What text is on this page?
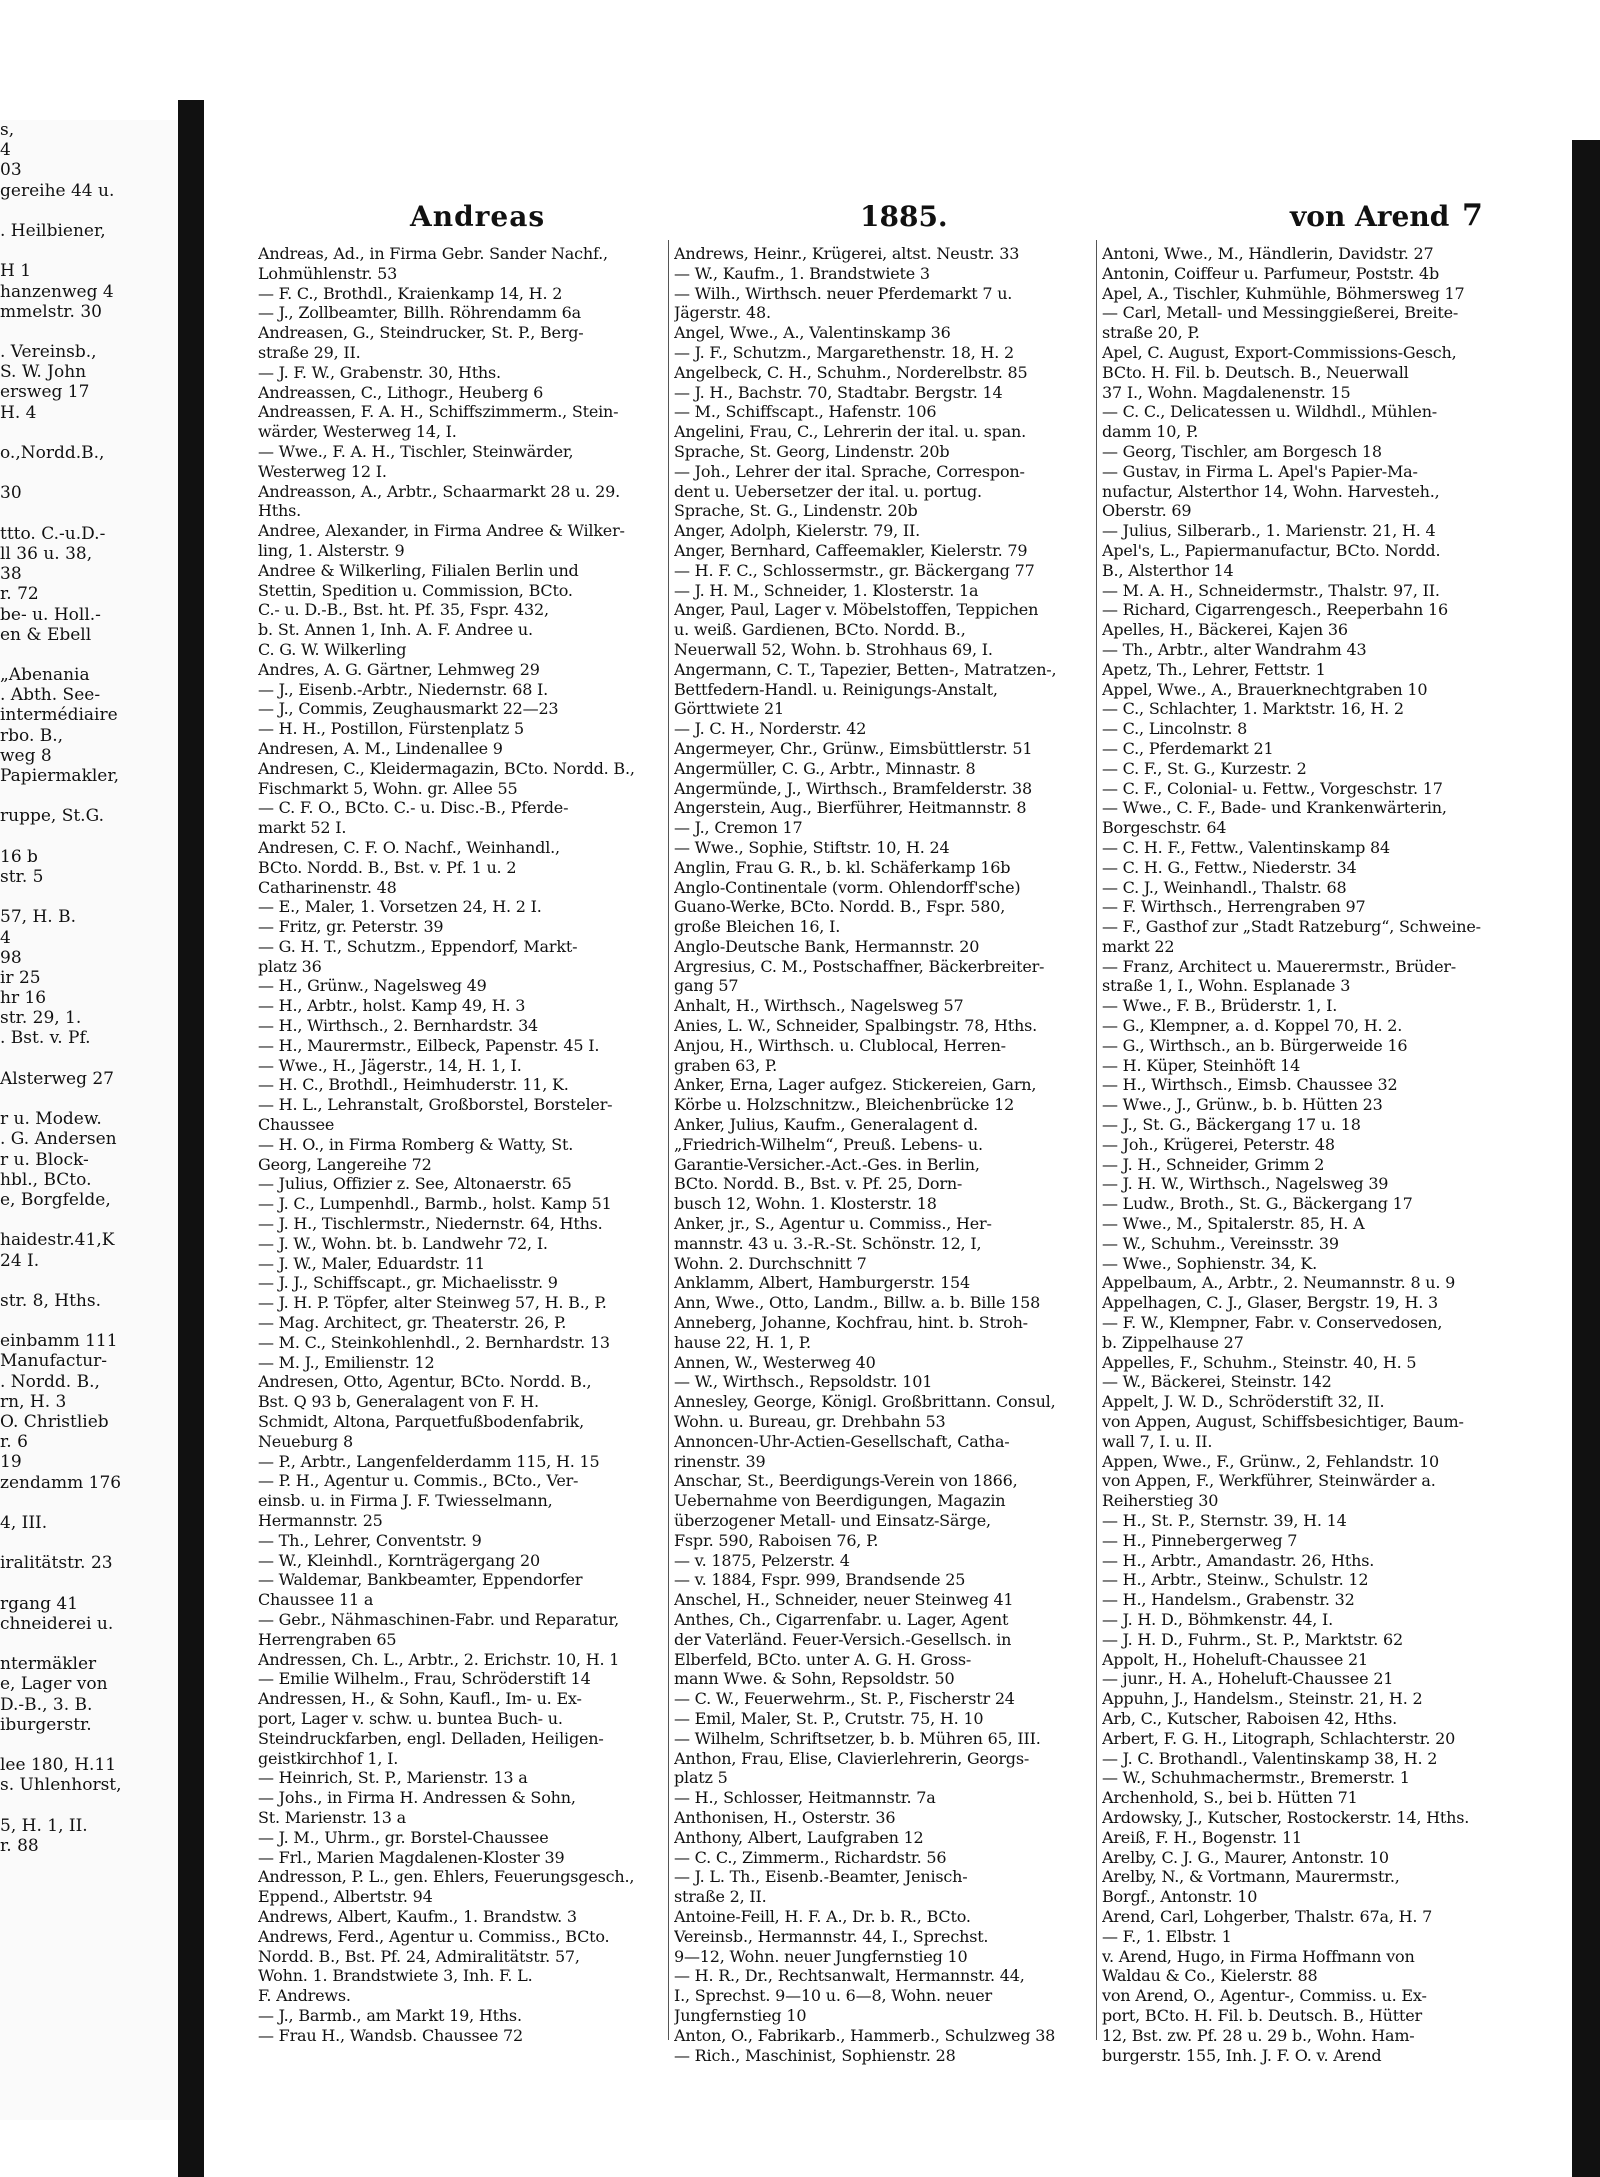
s,
4
03
gereihe 44 u.
. Heilbiener,
H 1
hanzenweg 4
mmelstr. 30
. Vereinsb.,
S. W. John
ersweg 17
H. 4
o.,Nordd.B.,
30
ttto. C.-u.D.-
ll 36 u. 38,
38
r. 72
be- u. Holl.-
en & Ebell
„Abenania
. Abth. See-
intermédiaire
rbo. B.,
weg 8
Papiermakler,
ruppe, St.G.
16 b
str. 5
57, H. B.
4
98
ir 25
hr 16
str. 29, 1.
. Bst. v. Pf.
Alsterweg 27
r u. Modew.
. G. Andersen
r u. Block-
hbl., BCto.
e, Borgfelde,
haidestr.41,K
24 I.
str. 8, Hths.
einbamm 111
Manufactur-
. Nordd. B.,
rn, H. 3
O. Christlieb
r. 6
19
zendamm 176
4, III.
iralitätstr. 23
rgang 41
chneiderei u.
ntermäkler
e, Lager von
D.-B., 3. B.
iburgerstr.
lee 180, H.11
s. Uhlenhorst,
5, H. 1, II.
r. 88
Andreas	1885.	von Arend 7
Andreas, Ad., in Firma Gebr. Sander Nachf.,
Lohmühlenstr. 53
— F. C., Brothdl., Kraienkamp 14, H. 2
— J., Zollbeamter, Billh. Röhrendamm 6a
Andreasen, G., Steindrucker, St. P., Berg-
straße 29, II.
— J. F. W., Grabenstr. 30, Hths.
Andreassen, C., Lithogr., Heuberg 6
Andreassen, F. A. H., Schiffszimmerm., Stein-
wärder, Westerweg 14, I.
— Wwe., F. A. H., Tischler, Steinwärder,
Westerweg 12 I.
Andreasson, A., Arbtr., Schaarmarkt 28 u. 29.
Hths.
Andree, Alexander, in Firma Andree & Wilker-
ling, 1. Alsterstr. 9
Andree & Wilkerling, Filialen Berlin und
Stettin, Spedition u. Commission, BCto.
C.- u. D.-B., Bst. ht. Pf. 35, Fspr. 432,
b. St. Annen 1, Inh. A. F. Andree u.
C. G. W. Wilkerling
Andres, A. G. Gärtner, Lehmweg 29
— J., Eisenb.-Arbtr., Niedernstr. 68 I.
— J., Commis, Zeughausmarkt 22—23
— H. H., Postillon, Fürstenplatz 5
Andresen, A. M., Lindenallee 9
Andresen, C., Kleidermagazin, BCto. Nordd. B.,
Fischmarkt 5, Wohn. gr. Allee 55
— C. F. O., BCto. C.- u. Disc.-B., Pferde-
markt 52 I.
Andresen, C. F. O. Nachf., Weinhandl.,
BCto. Nordd. B., Bst. v. Pf. 1 u. 2
Catharinenstr. 48
— E., Maler, 1. Vorsetzen 24, H. 2 I.
— Fritz, gr. Peterstr. 39
— G. H. T., Schutzm., Eppendorf, Markt-
platz 36
— H., Grünw., Nagelsweg 49
— H., Arbtr., holst. Kamp 49, H. 3
— H., Wirthsch., 2. Bernhardstr. 34
— H., Maurermstr., Eilbeck, Papenstr. 45 I.
— Wwe., H., Jägerstr., 14, H. 1, I.
— H. C., Brothdl., Heimhuderstr. 11, K.
— H. L., Lehranstalt, Großborstel, Borsteler-
Chaussee
— H. O., in Firma Romberg & Watty, St.
Georg, Langereihe 72
— Julius, Offizier z. See, Altonaerstr. 65
— J. C., Lumpenhdl., Barmb., holst. Kamp 51
— J. H., Tischlermstr., Niedernstr. 64, Hths.
— J. W., Wohn. bt. b. Landwehr 72, I.
— J. W., Maler, Eduardstr. 11
— J. J., Schiffscapt., gr. Michaelisstr. 9
— J. H. P. Töpfer, alter Steinweg 57, H. B., P.
— Mag. Architect, gr. Theaterstr. 26, P.
— M. C., Steinkohlenhdl., 2. Bernhardstr. 13
— M. J., Emilienstr. 12
Andresen, Otto, Agentur, BCto. Nordd. B.,
Bst. Q 93 b, Generalagent von F. H.
Schmidt, Altona, Parquetfußbodenfabrik,
Neueburg 8
— P., Arbtr., Langenfelderdamm 115, H. 15
— P. H., Agentur u. Commis., BCto., Ver-
einsb. u. in Firma J. F. Twiesselmann,
Hermannstr. 25
— Th., Lehrer, Conventstr. 9
— W., Kleinhdl., Kornträgergang 20
— Waldemar, Bankbeamter, Eppendorfer
Chaussee 11 a
— Gebr., Nähmaschinen-Fabr. und Reparatur,
Herrengraben 65
Andressen, Ch. L., Arbtr., 2. Erichstr. 10, H. 1
— Emilie Wilhelm., Frau, Schröderstift 14
Andressen, H., & Sohn, Kaufl., Im- u. Ex-
port, Lager v. schw. u. buntea Buch- u.
Steindruckfarben, engl. Delladen, Heiligen-
geistkirchhof 1, I.
— Heinrich, St. P., Marienstr. 13 a
— Johs., in Firma H. Andressen & Sohn,
St. Marienstr. 13 a
— J. M., Uhrm., gr. Borstel-Chaussee
— Frl., Marien Magdalenen-Kloster 39
Andresson, P. L., gen. Ehlers, Feuerungsgesch.,
Eppend., Albertstr. 94
Andrews, Albert, Kaufm., 1. Brandstw. 3
Andrews, Ferd., Agentur u. Commiss., BCto.
Nordd. B., Bst. Pf. 24, Admiralitätstr. 57,
Wohn. 1. Brandstwiete 3, Inh. F. L.
F. Andrews.
— J., Barmb., am Markt 19, Hths.
— Frau H., Wandsb. Chaussee 72
Andrews, Heinr., Krügerei, altst. Neustr. 33
— W., Kaufm., 1. Brandstwiete 3
— Wilh., Wirthsch. neuer Pferdemarkt 7 u.
Jägerstr. 48.
Angel, Wwe., A., Valentinskamp 36
— J. F., Schutzm., Margarethenstr. 18, H. 2
Angelbeck, C. H., Schuhm., Norderelbstr. 85
— J. H., Bachstr. 70, Stadtabr. Bergstr. 14
— M., Schiffscapt., Hafenstr. 106
Angelini, Frau, C., Lehrerin der ital. u. span.
Sprache, St. Georg, Lindenstr. 20b
— Joh., Lehrer der ital. Sprache, Correspon-
dent u. Uebersetzer der ital. u. portug.
Sprache, St. G., Lindenstr. 20b
Anger, Adolph, Kielerstr. 79, II.
Anger, Bernhard, Caffeemakler, Kielerstr. 79
— H. F. C., Schlossermstr., gr. Bäckergang 77
— J. H. M., Schneider, 1. Klosterstr. 1a
Anger, Paul, Lager v. Möbelstoffen, Teppichen
u. weiß. Gardienen, BCto. Nordd. B.,
Neuerwall 52, Wohn. b. Strohhaus 69, I.
Angermann, C. T., Tapezier, Betten-, Matratzen-,
Bettfedern-Handl. u. Reinigungs-Anstalt,
Görttwiete 21
— J. C. H., Norderstr. 42
Angermeyer, Chr., Grünw., Eimsbüttlerstr. 51
Angermüller, C. G., Arbtr., Minnastr. 8
Angermünde, J., Wirthsch., Bramfelderstr. 38
Angerstein, Aug., Bierführer, Heitmannstr. 8
— J., Cremon 17
— Wwe., Sophie, Stiftstr. 10, H. 24
Anglin, Frau G. R., b. kl. Schäferkamp 16b
Anglo-Continentale (vorm. Ohlendorff'sche)
Guano-Werke, BCto. Nordd. B., Fspr. 580,
große Bleichen 16, I.
Anglo-Deutsche Bank, Hermannstr. 20
Argresius, C. M., Postschaffner, Bäckerbreiter-
gang 57
Anhalt, H., Wirthsch., Nagelsweg 57
Anies, L. W., Schneider, Spalbingstr. 78, Hths.
Anjou, H., Wirthsch. u. Clublocal, Herren-
graben 63, P.
Anker, Erna, Lager aufgez. Stickereien, Garn,
Körbe u. Holzschnitzw., Bleichenbrücke 12
Anker, Julius, Kaufm., Generalagent d.
„Friedrich-Wilhelm“, Preuß. Lebens- u.
Garantie-Versicher.-Act.-Ges. in Berlin,
BCto. Nordd. B., Bst. v. Pf. 25, Dorn-
busch 12, Wohn. 1. Klosterstr. 18
Anker, jr., S., Agentur u. Commiss., Her-
mannstr. 43 u. 3.-R.-St. Schönstr. 12, I,
Wohn. 2. Durchschnitt 7
Anklamm, Albert, Hamburgerstr. 154
Ann, Wwe., Otto, Landm., Billw. a. b. Bille 158
Anneberg, Johanne, Kochfrau, hint. b. Stroh-
hause 22, H. 1, P.
Annen, W., Westerweg 40
— W., Wirthsch., Repsoldstr. 101
Annesley, George, Königl. Großbrittann. Consul,
Wohn. u. Bureau, gr. Drehbahn 53
Annoncen-Uhr-Actien-Gesellschaft, Catha-
rinenstr. 39
Anschar, St., Beerdigungs-Verein von 1866,
Uebernahme von Beerdigungen, Magazin
überzogener Metall- und Einsatz-Särge,
Fspr. 590, Raboisen 76, P.
— v. 1875, Pelzerstr. 4
— v. 1884, Fspr. 999, Brandsende 25
Anschel, H., Schneider, neuer Steinweg 41
Anthes, Ch., Cigarrenfabr. u. Lager, Agent
der Vaterländ. Feuer-Versich.-Gesellsch. in
Elberfeld, BCto. unter A. G. H. Gross-
mann Wwe. & Sohn, Repsoldstr. 50
— C. W., Feuerwehrm., St. P., Fischerstr 24
— Emil, Maler, St. P., Crutstr. 75, H. 10
— Wilhelm, Schriftsetzer, b. b. Mühren 65, III.
Anthon, Frau, Elise, Clavierlehrerin, Georgs-
platz 5
— H., Schlosser, Heitmannstr. 7a
Anthonisen, H., Osterstr. 36
Anthony, Albert, Laufgraben 12
— C. C., Zimmerm., Richardstr. 56
— J. L. Th., Eisenb.-Beamter, Jenisch-
straße 2, II.
Antoine-Feill, H. F. A., Dr. b. R., BCto.
Vereinsb., Hermannstr. 44, I., Sprechst.
9—12, Wohn. neuer Jungfernstieg 10
— H. R., Dr., Rechtsanwalt, Hermannstr. 44,
I., Sprechst. 9—10 u. 6—8, Wohn. neuer
Jungfernstieg 10
Anton, O., Fabrikarb., Hammerb., Schulzweg 38
— Rich., Maschinist, Sophienstr. 28
Antoni, Wwe., M., Händlerin, Davidstr. 27
Antonin, Coiffeur u. Parfumeur, Poststr. 4b
Apel, A., Tischler, Kuhmühle, Böhmersweg 17
— Carl, Metall- und Messinggießerei, Breite-
straße 20, P.
Apel, C. August, Export-Commissions-Gesch,
BCto. H. Fil. b. Deutsch. B., Neuerwall
37 I., Wohn. Magdalenenstr. 15
— C. C., Delicatessen u. Wildhdl., Mühlen-
damm 10, P.
— Georg, Tischler, am Borgesch 18
— Gustav, in Firma L. Apel's Papier-Ma-
nufactur, Alsterthor 14, Wohn. Harvesteh.,
Oberstr. 69
— Julius, Silberarb., 1. Marienstr. 21, H. 4
Apel's, L., Papiermanufactur, BCto. Nordd.
B., Alsterthor 14
— M. A. H., Schneidermstr., Thalstr. 97, II.
— Richard, Cigarrengesch., Reeperbahn 16
Apelles, H., Bäckerei, Kajen 36
— Th., Arbtr., alter Wandrahm 43
Apetz, Th., Lehrer, Fettstr. 1
Appel, Wwe., A., Brauerknechtgraben 10
— C., Schlachter, 1. Marktstr. 16, H. 2
— C., Lincolnstr. 8
— C., Pferdemarkt 21
— C. F., St. G., Kurzestr. 2
— C. F., Colonial- u. Fettw., Vorgeschstr. 17
— Wwe., C. F., Bade- und Krankenwärterin,
Borgeschstr. 64
— C. H. F., Fettw., Valentinskamp 84
— C. H. G., Fettw., Niederstr. 34
— C. J., Weinhandl., Thalstr. 68
— F. Wirthsch., Herrengraben 97
— F., Gasthof zur „Stadt Ratzeburg“, Schweine-
markt 22
— Franz, Architect u. Mauerermstr., Brüder-
straße 1, I., Wohn. Esplanade 3
— Wwe., F. B., Brüderstr. 1, I.
— G., Klempner, a. d. Koppel 70, H. 2.
— G., Wirthsch., an b. Bürgerweide 16
— H. Küper, Steinhöft 14
— H., Wirthsch., Eimsb. Chaussee 32
— Wwe., J., Grünw., b. b. Hütten 23
— J., St. G., Bäckergang 17 u. 18
— Joh., Krügerei, Peterstr. 48
— J. H., Schneider, Grimm 2
— J. H. W., Wirthsch., Nagelsweg 39
— Ludw., Broth., St. G., Bäckergang 17
— Wwe., M., Spitalerstr. 85, H. A
— W., Schuhm., Vereinsstr. 39
— Wwe., Sophienstr. 34, K.
Appelbaum, A., Arbtr., 2. Neumannstr. 8 u. 9
Appelhagen, C. J., Glaser, Bergstr. 19, H. 3
— F. W., Klempner, Fabr. v. Conservedosen,
b. Zippelhause 27
Appelles, F., Schuhm., Steinstr. 40, H. 5
— W., Bäckerei, Steinstr. 142
Appelt, J. W. D., Schröderstift 32, II.
von Appen, August, Schiffsbesichtiger, Baum-
wall 7, I. u. II.
Appen, Wwe., F., Grünw., 2, Fehlandstr. 10
von Appen, F., Werkführer, Steinwärder a.
Reiherstieg 30
— H., St. P., Sternstr. 39, H. 14
— H., Pinnebergerweg 7
— H., Arbtr., Amandastr. 26, Hths.
— H., Arbtr., Steinw., Schulstr. 12
— H., Handelsm., Grabenstr. 32
— J. H. D., Böhmkenstr. 44, I.
— J. H. D., Fuhrm., St. P., Marktstr. 62
Appolt, H., Hoheluft-Chaussee 21
— junr., H. A., Hoheluft-Chaussee 21
Appuhn, J., Handelsm., Steinstr. 21, H. 2
Arb, C., Kutscher, Raboisen 42, Hths.
Arbert, F. G. H., Litograph, Schlachterstr. 20
— J. C. Brothandl., Valentinskamp 38, H. 2
— W., Schuhmachermstr., Bremerstr. 1
Archenhold, S., bei b. Hütten 71
Ardowsky, J., Kutscher, Rostockerstr. 14, Hths.
Areiß, F. H., Bogenstr. 11
Arelby, C. J. G., Maurer, Antonstr. 10
Arelby, N., & Vortmann, Maurermstr.,
Borgf., Antonstr. 10
Arend, Carl, Lohgerber, Thalstr. 67a, H. 7
— F., 1. Elbstr. 1
v. Arend, Hugo, in Firma Hoffmann von
Waldau & Co., Kielerstr. 88
von Arend, O., Agentur-, Commiss. u. Ex-
port, BCto. H. Fil. b. Deutsch. B., Hütter
12, Bst. zw. Pf. 28 u. 29 b., Wohn. Ham-
burgerstr. 155, Inh. J. F. O. v. Arend
